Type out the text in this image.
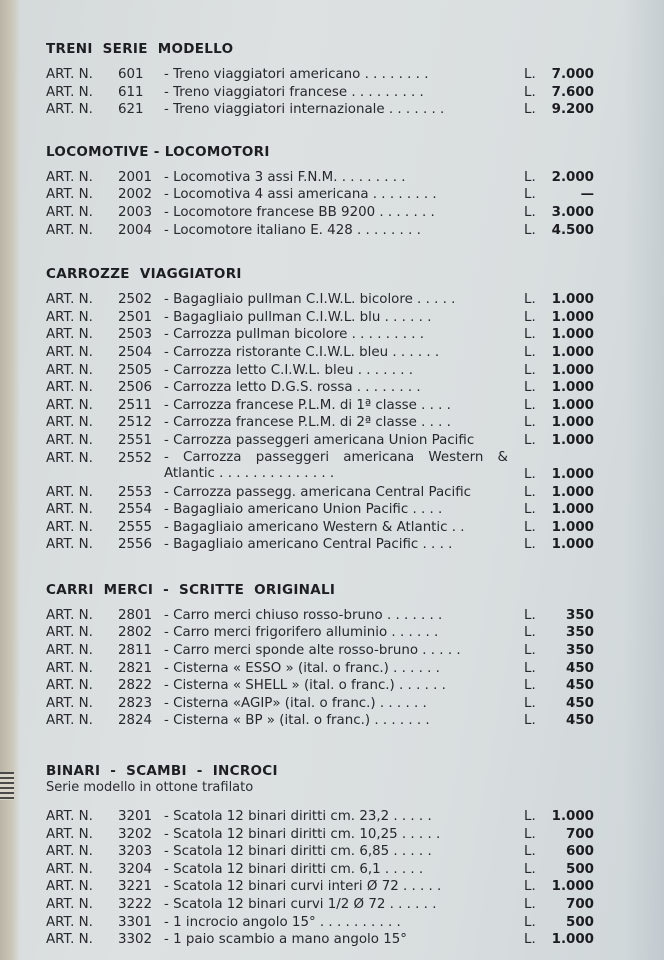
TRENI  SERIE  MODELLO
ART. N. 601 - Treno viaggiatori americano . . . . . . . .	L. 7.000
ART. N. 611 - Treno viaggiatori francese . . . . . . . . .	L. 7.600
ART. N. 621 - Treno viaggiatori internazionale . . . . . . .	L. 9.200
LOCOMOTIVE - LOCOMOTORI
ART. N. 2001 - Locomotiva 3 assi F.N.M. . . . . . . . .	L. 2.000
ART. N. 2002 - Locomotiva 4 assi americana . . . . . . . .	L.	—
ART. N. 2003 - Locomotore francese BB 9200 . . . . . . .	L. 3.000
ART. N. 2004 - Locomotore italiano E. 428 . . . . . . . .	L. 4.500
CARROZZE  VIAGGIATORI
ART. N. 2502 - Bagagliaio pullman C.I.W.L. bicolore . . . . .	L. 1.000
ART. N. 2501 - Bagagliaio pullman C.I.W.L. blu . . . . . .	L. 1.000
ART. N. 2503 - Carrozza pullman bicolore . . . . . . . . .	L. 1.000
ART. N. 2504 - Carrozza ristorante C.I.W.L. bleu . . . . . .	L. 1.000
ART. N. 2505 - Carrozza letto C.I.W.L. bleu . . . . . . .	L. 1.000
ART. N. 2506 - Carrozza letto D.G.S. rossa . . . . . . . .	L. 1.000
ART. N. 2511 - Carrozza francese P.L.M. di 1ª classe . . . .	L. 1.000
ART. N. 2512 - Carrozza francese P.L.M. di 2ª classe . . . .	L. 1.000
ART. N. 2551 - Carrozza passeggeri americana Union Pacific	L. 1.000
ART. N. 2552 - Carrozza passeggeri americana Western & Atlantic . . . . . . . . . . . . . .	L. 1.000
ART. N. 2553 - Carrozza passegg. americana Central Pacific	L. 1.000
ART. N. 2554 - Bagagliaio americano Union Pacific . . . .	L. 1.000
ART. N. 2555 - Bagagliaio americano Western & Atlantic . .	L. 1.000
ART. N. 2556 - Bagagliaio americano Central Pacific . . . .	L. 1.000
CARRI  MERCI  -  SCRITTE  ORIGINALI
ART. N. 2801 - Carro merci chiuso rosso-bruno . . . . . . .	L. 350
ART. N. 2802 - Carro merci frigorifero alluminio . . . . . .	L. 350
ART. N. 2811 - Carro merci sponde alte rosso-bruno . . . . .	L. 350
ART. N. 2821 - Cisterna « ESSO » (ital. o franc.) . . . . . .	L. 450
ART. N. 2822 - Cisterna « SHELL » (ital. o franc.) . . . . . .	L. 450
ART. N. 2823 - Cisterna «AGIP» (ital. o franc.) . . . . . .	L. 450
ART. N. 2824 - Cisterna « BP » (ital. o franc.) . . . . . . .	L. 450
BINARI  -  SCAMBI  -  INCROCI
Serie modello in ottone trafilato
ART. N. 3201 - Scatola 12 binari diritti cm. 23,2 . . . . .	L. 1.000
ART. N. 3202 - Scatola 12 binari diritti cm. 10,25 . . . . .	L. 700
ART. N. 3203 - Scatola 12 binari diritti cm. 6,85 . . . . .	L. 600
ART. N. 3204 - Scatola 12 binari diritti cm. 6,1 . . . . .	L. 500
ART. N. 3221 - Scatola 12 binari curvi interi Ø 72 . . . . .	L. 1.000
ART. N. 3222 - Scatola 12 binari curvi 1/2 Ø 72 . . . . . .	L. 700
ART. N. 3301 - 1 incrocio angolo 15° . . . . . . . . . .	L. 500
ART. N. 3302 - 1 paio scambio a mano angolo 15°	L. 1.000
